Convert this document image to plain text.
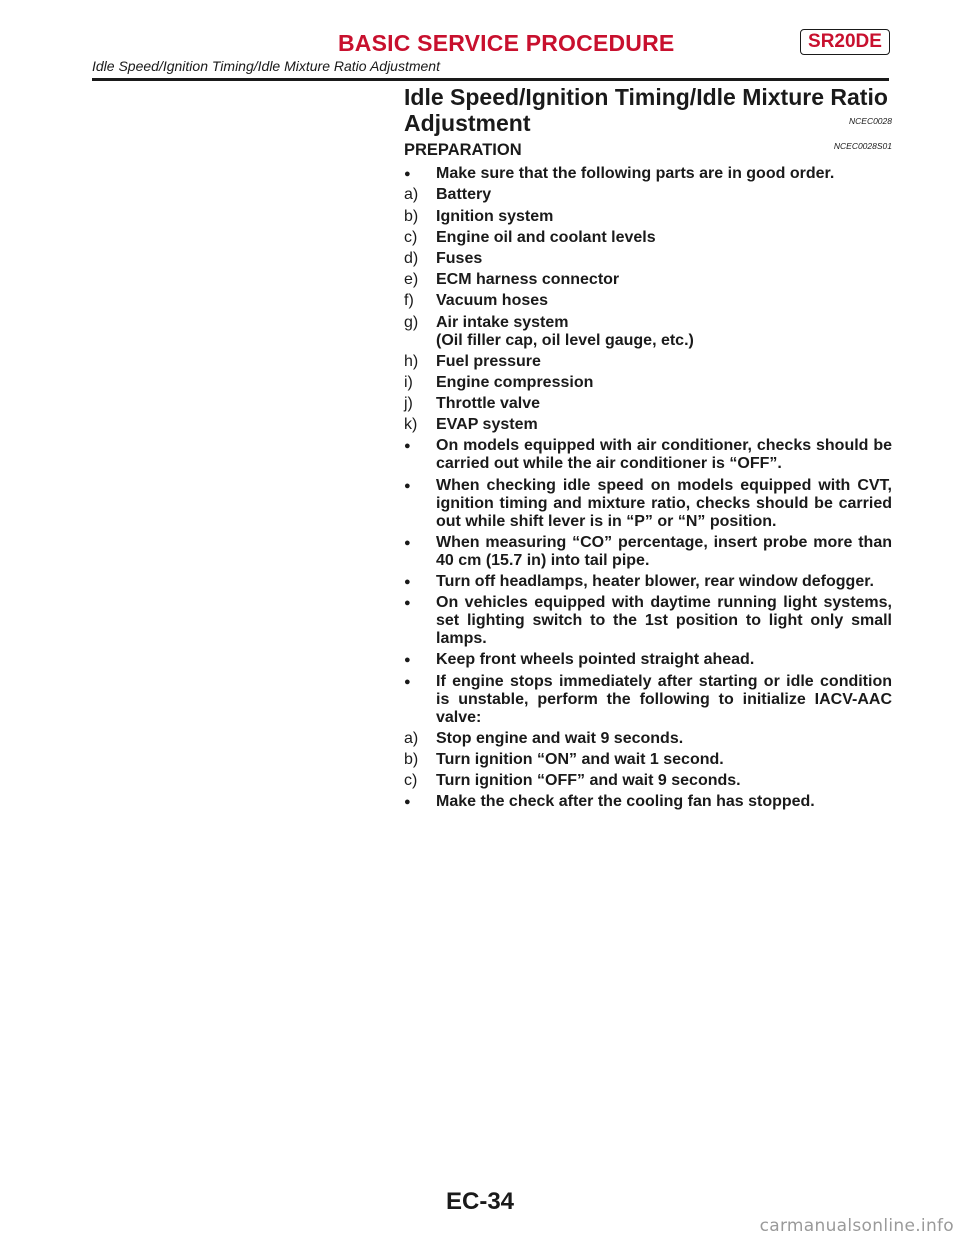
BASIC SERVICE PROCEDURE	SR20DE
Idle Speed/Ignition Timing/Idle Mixture Ratio Adjustment
Idle Speed/Ignition Timing/Idle Mixture Ratio
Adjustment	NCEC0028
PREPARATION	NCEC0028S01
●	Make sure that the following parts are in good order.
a)	Battery
b)	Ignition system
c)	Engine oil and coolant levels
d)	Fuses
e)	ECM harness connector
f)	Vacuum hoses
g)	Air intake system
(Oil filler cap, oil level gauge, etc.)
h)	Fuel pressure
i)	Engine compression
j)	Throttle valve
k)	EVAP system
●	On models equipped with air conditioner, checks should be carried out while the air conditioner is “OFF”.
●	When checking idle speed on models equipped with CVT, ignition timing and mixture ratio, checks should be carried out while shift lever is in “P” or “N” position.
●	When measuring “CO” percentage, insert probe more than 40 cm (15.7 in) into tail pipe.
●	Turn off headlamps, heater blower, rear window defogger.
●	On vehicles equipped with daytime running light systems, set lighting switch to the 1st position to light only small lamps.
●	Keep front wheels pointed straight ahead.
●	If engine stops immediately after starting or idle condition is unstable, perform the following to initialize IACV-AAC valve:
a)	Stop engine and wait 9 seconds.
b)	Turn ignition “ON” and wait 1 second.
c)	Turn ignition “OFF” and wait 9 seconds.
●	Make the check after the cooling fan has stopped.
EC-34
carmanualsonline.info
